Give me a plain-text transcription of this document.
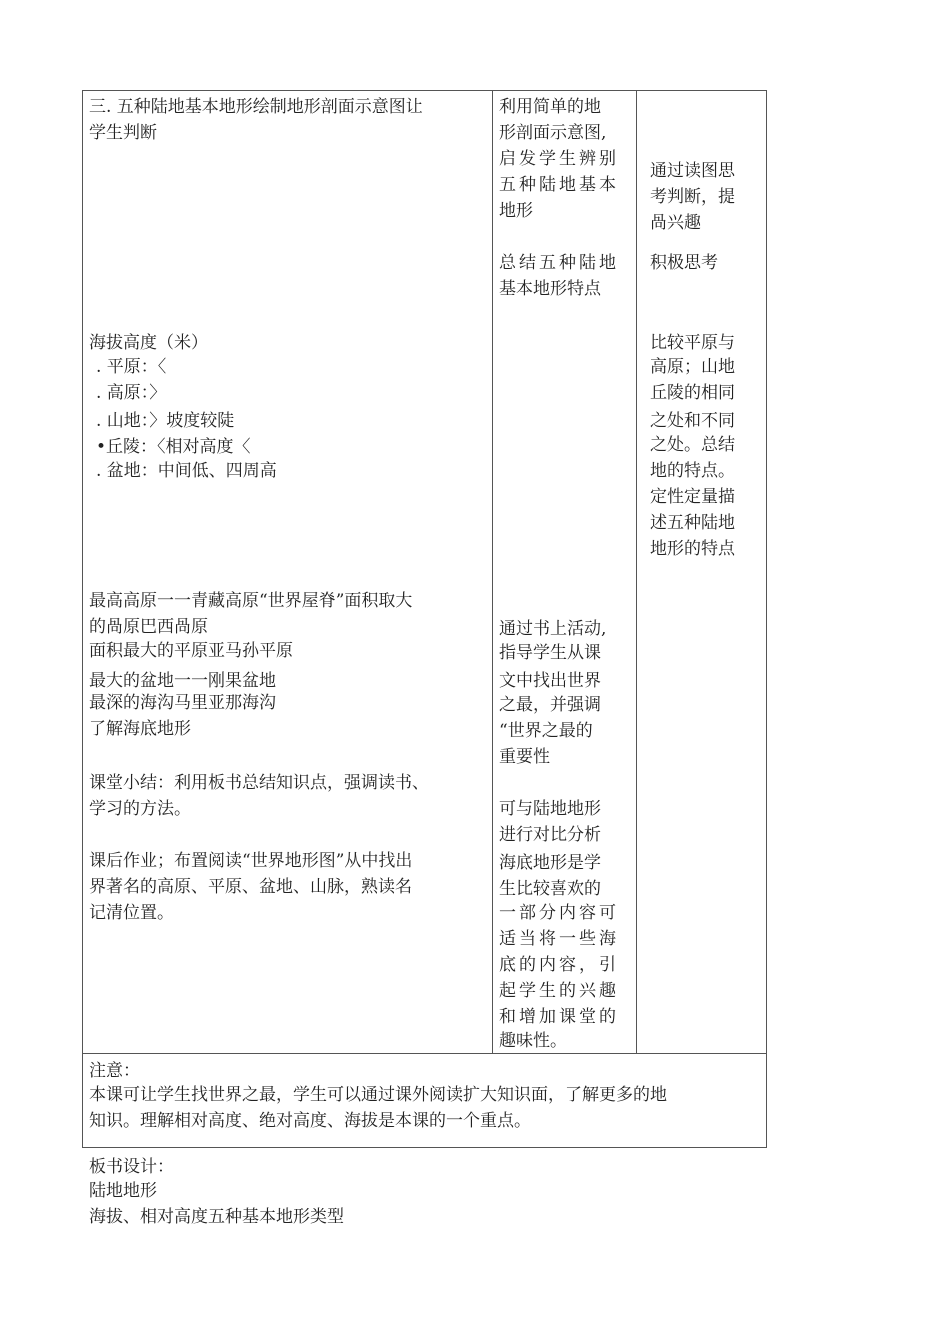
三. 五种陆地基本地形绘制地形剖面示意图让
学生判断
海拔高度（米）
. 平原：〈
. 高原：〉
. 山地：〉坡度较陡
•丘陵：〈相对高度〈
. 盆地：中间低、四周高
最高高原一一青藏高原“世界屋脊”面积取大
的咼原巴西咼原
面积最大的平原亚马孙平原
最大的盆地一一刚果盆地
最深的海沟马里亚那海沟
了解海底地形
课堂小结：利用板书总结知识点，强调读书、
学习的方法。
课后作业；布置阅读“世界地形图”从中找出
界著名的高原、平原、盆地、山脉，熟读名
记清位置。
利用简单的地
形剖面示意图,
启发学生辨别
五种陆地基本
地形
总结五种陆地
基本地形特点
通过书上活动,
指导学生从课
文中找出世界
之最，并强调
“世界之最的
重要性
可与陆地地形
进行对比分析
海底地形是学
生比较喜欢的
一部分内容可
适当将一些海
底的内容，引
起学生的兴趣
和增加课堂的
趣味性。
通过读图思
考判断，提
咼兴趣
积极思考
比较平原与
高原；山地
丘陵的相同
之处和不同
之处。总结
地的特点。
定性定量描
述五种陆地
地形的特点
注意：
本课可让学生找世界之最，学生可以通过课外阅读扩大知识面，了解更多的地
知识。理解相对高度、绝对高度、海拔是本课的一个重点。
板书设计：
陆地地形
海拔、相对高度五种基本地形类型
